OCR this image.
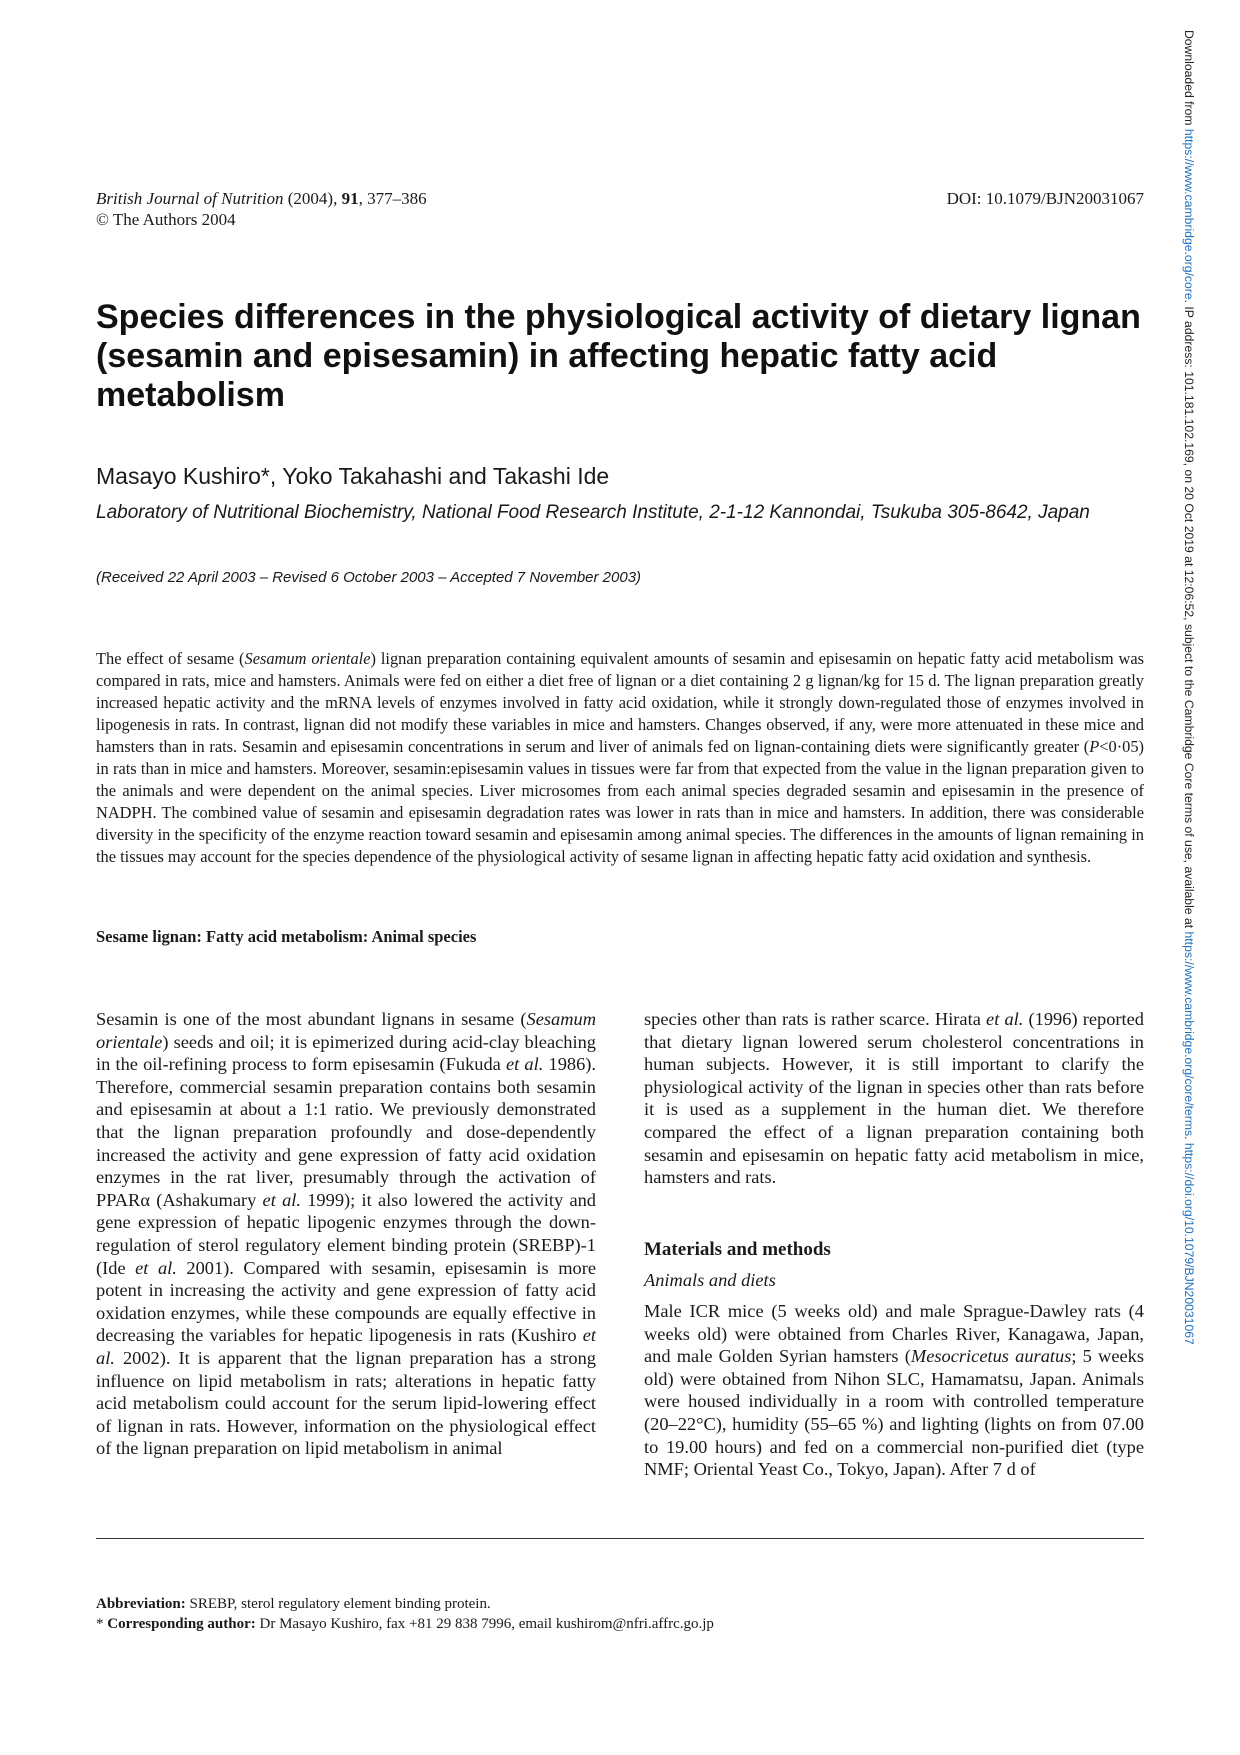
British Journal of Nutrition (2004), 91, 377–386
© The Authors 2004
DOI: 10.1079/BJN20031067
Species differences in the physiological activity of dietary lignan (sesamin and episesamin) in affecting hepatic fatty acid metabolism
Masayo Kushiro*, Yoko Takahashi and Takashi Ide
Laboratory of Nutritional Biochemistry, National Food Research Institute, 2-1-12 Kannondai, Tsukuba 305-8642, Japan
(Received 22 April 2003 – Revised 6 October 2003 – Accepted 7 November 2003)
The effect of sesame (Sesamum orientale) lignan preparation containing equivalent amounts of sesamin and episesamin on hepatic fatty acid metabolism was compared in rats, mice and hamsters. Animals were fed on either a diet free of lignan or a diet containing 2 g lignan/kg for 15 d. The lignan preparation greatly increased hepatic activity and the mRNA levels of enzymes involved in fatty acid oxidation, while it strongly down-regulated those of enzymes involved in lipogenesis in rats. In contrast, lignan did not modify these variables in mice and hamsters. Changes observed, if any, were more attenuated in these mice and hamsters than in rats. Sesamin and episesamin concentrations in serum and liver of animals fed on lignan-containing diets were significantly greater (P<0·05) in rats than in mice and hamsters. Moreover, sesamin:episesamin values in tissues were far from that expected from the value in the lignan preparation given to the animals and were dependent on the animal species. Liver microsomes from each animal species degraded sesamin and episesamin in the presence of NADPH. The combined value of sesamin and episesamin degradation rates was lower in rats than in mice and hamsters. In addition, there was considerable diversity in the specificity of the enzyme reaction toward sesamin and episesamin among animal species. The differences in the amounts of lignan remaining in the tissues may account for the species dependence of the physiological activity of sesame lignan in affecting hepatic fatty acid oxidation and synthesis.
Sesame lignan: Fatty acid metabolism: Animal species

Sesamin is one of the most abundant lignans in sesame (Sesamum orientale) seeds and oil; it is epimerized during acid-clay bleaching in the oil-refining process to form episesamin (Fukuda et al. 1986). Therefore, commercial sesamin preparation contains both sesamin and episesamin at about a 1:1 ratio. We previously demonstrated that the lignan preparation profoundly and dose-dependently increased the activity and gene expression of fatty acid oxidation enzymes in the rat liver, presumably through the activation of PPARα (Ashakumary et al. 1999); it also lowered the activity and gene expression of hepatic lipogenic enzymes through the down-regulation of sterol regulatory element binding protein (SREBP)-1 (Ide et al. 2001). Compared with sesamin, episesamin is more potent in increasing the activity and gene expression of fatty acid oxidation enzymes, while these compounds are equally effective in decreasing the variables for hepatic lipogenesis in rats (Kushiro et al. 2002). It is apparent that the lignan preparation has a strong influence on lipid metabolism in rats; alterations in hepatic fatty acid metabolism could account for the serum lipid-lowering effect of lignan in rats. However, information on the physiological effect of the lignan preparation on lipid metabolism in animal

species other than rats is rather scarce. Hirata et al. (1996) reported that dietary lignan lowered serum cholesterol concentrations in human subjects. However, it is still important to clarify the physiological activity of the lignan in species other than rats before it is used as a supplement in the human diet. We therefore compared the effect of a lignan preparation containing both sesamin and episesamin on hepatic fatty acid metabolism in mice, hamsters and rats.

Materials and methods

Animals and diets

Male ICR mice (5 weeks old) and male Sprague-Dawley rats (4 weeks old) were obtained from Charles River, Kanagawa, Japan, and male Golden Syrian hamsters (Mesocricetus auratus; 5 weeks old) were obtained from Nihon SLC, Hamamatsu, Japan. Animals were housed individually in a room with controlled temperature (20–22°C), humidity (55–65 %) and lighting (lights on from 07.00 to 19.00 hours) and fed on a commercial non-purified diet (type NMF; Oriental Yeast Co., Tokyo, Japan). After 7 d of

Abbreviation: SREBP, sterol regulatory element binding protein.
* Corresponding author: Dr Masayo Kushiro, fax +81 29 838 7996, email kushirom@nfri.affrc.go.jp
Downloaded from https://www.cambridge.org/core. IP address: 101.181.102.169, on 20 Oct 2019 at 12:06:52, subject to the Cambridge Core terms of use, available at https://www.cambridge.org/core/terms. https://doi.org/10.1079/BJN20031067
